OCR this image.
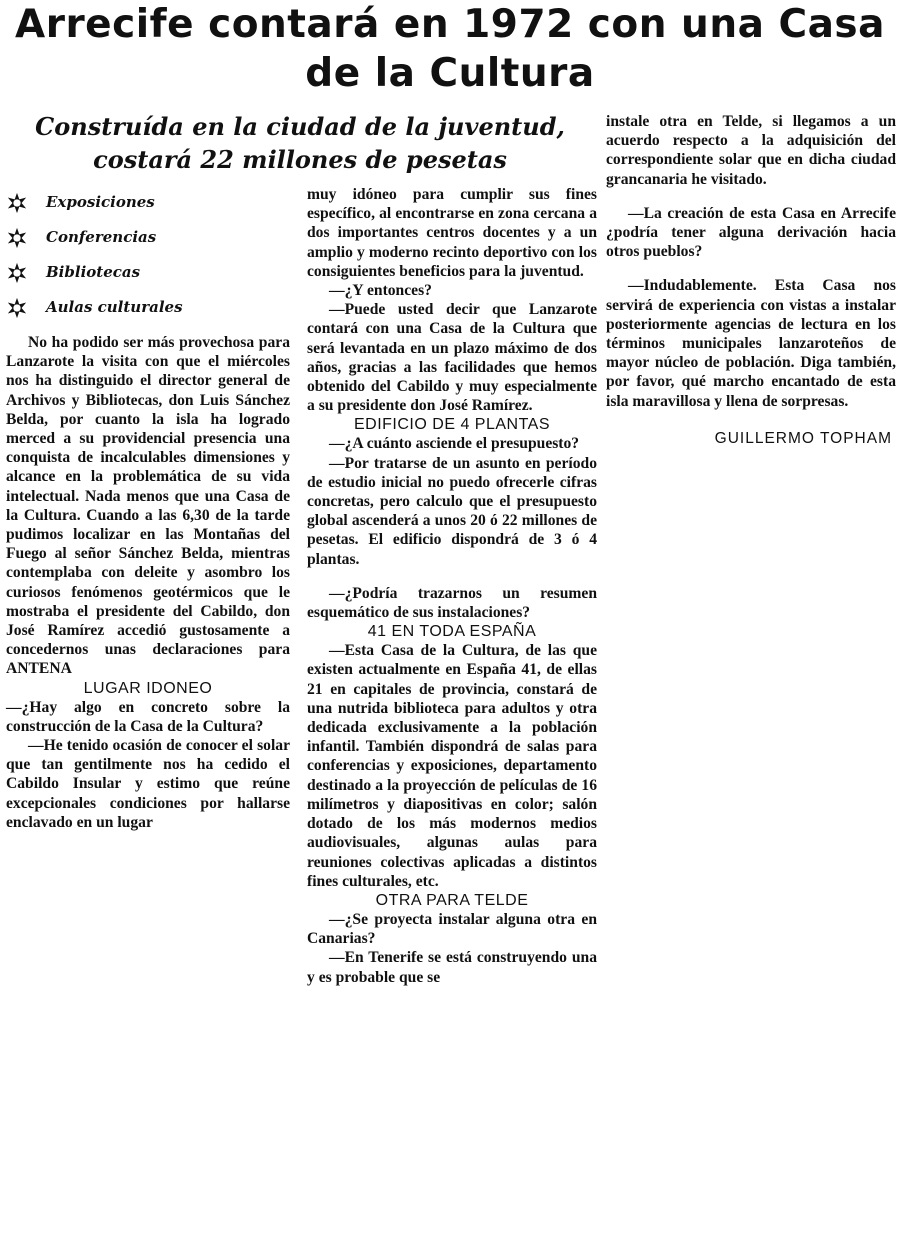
Arrecife contará en 1972 con una Casa de la Cultura
Construída en la ciudad de la juventud, costará 22 millones de pesetas
Exposiciones
Conferencias
Bibliotecas
Aulas culturales

No ha podido ser más provechosa para Lanzarote la visita con que el miércoles nos ha distinguido el director general de Archivos y Bibliotecas, don Luis Sánchez Belda, por cuanto la isla ha logrado merced a su providencial presencia una conquista de incalculables dimensiones y alcance en la problemática de su vida intelectual. Nada menos que una Casa de la Cultura. Cuando a las 6,30 de la tarde pudimos localizar en las Montañas del Fuego al señor Sánchez Belda, mientras contemplaba con deleite y asombro los curiosos fenómenos geotérmicos que le mostraba el presidente del Cabildo, don José Ramírez accedió gustosamente a concedernos unas declaraciones para ANTENA

LUGAR IDONEO

—¿Hay algo en concreto sobre la construcción de la Casa de la Cultura?

—He tenido ocasión de conocer el solar que tan gentilmente nos ha cedido el Cabildo Insular y estimo que reúne excepcionales condiciones por hallarse enclavado en un lugar

muy idóneo para cumplir sus fines específico, al encontrarse en zona cercana a dos importantes centros docentes y a un amplio y moderno recinto deportivo con los consiguientes beneficios para la juventud.

—¿Y entonces?

—Puede usted decir que Lanzarote contará con una Casa de la Cultura que será levantada en un plazo máximo de dos años, gracias a las facilidades que hemos obtenido del Cabildo y muy especialmente a su presidente don José Ramírez.

EDIFICIO DE 4 PLANTAS

—¿A cuánto asciende el presupuesto?

—Por tratarse de un asunto en período de estudio inicial no puedo ofrecerle cifras concretas, pero calculo que el presupuesto global ascenderá a unos 20 ó 22 millones de pesetas. El edificio dispondrá de 3 ó 4 plantas.

—¿Podría trazarnos un resumen esquemático de sus instalaciones?

41 EN TODA ESPAÑA

—Esta Casa de la Cultura, de las que existen actualmente en España 41, de ellas 21 en capitales de provincia, constará de una nutrida biblioteca para adultos y otra dedicada exclusivamente a la población infantil. También dispondrá de salas para conferencias y exposiciones, departamento destinado a la proyección de películas de 16 milímetros y diapositivas en color; salón dotado de los más modernos medios audiovisuales, algunas aulas para reuniones colectivas aplicadas a distintos fines culturales, etc.

OTRA PARA TELDE

—¿Se proyecta instalar alguna otra en Canarias?

—En Tenerife se está construyendo una y es probable que se

instale otra en Telde, si llegamos a un acuerdo respecto a la adquisición del correspondiente solar que en dicha ciudad grancanaria he visitado.

—La creación de esta Casa en Arrecife ¿podría tener alguna derivación hacia otros pueblos?

—Indudablemente. Esta Casa nos servirá de experiencia con vistas a instalar posteriormente agencias de lectura en los términos municipales lanzaroteños de mayor núcleo de población. Diga también, por favor, qué marcho encantado de esta isla maravillosa y llena de sorpresas.

GUILLERMO TOPHAM
